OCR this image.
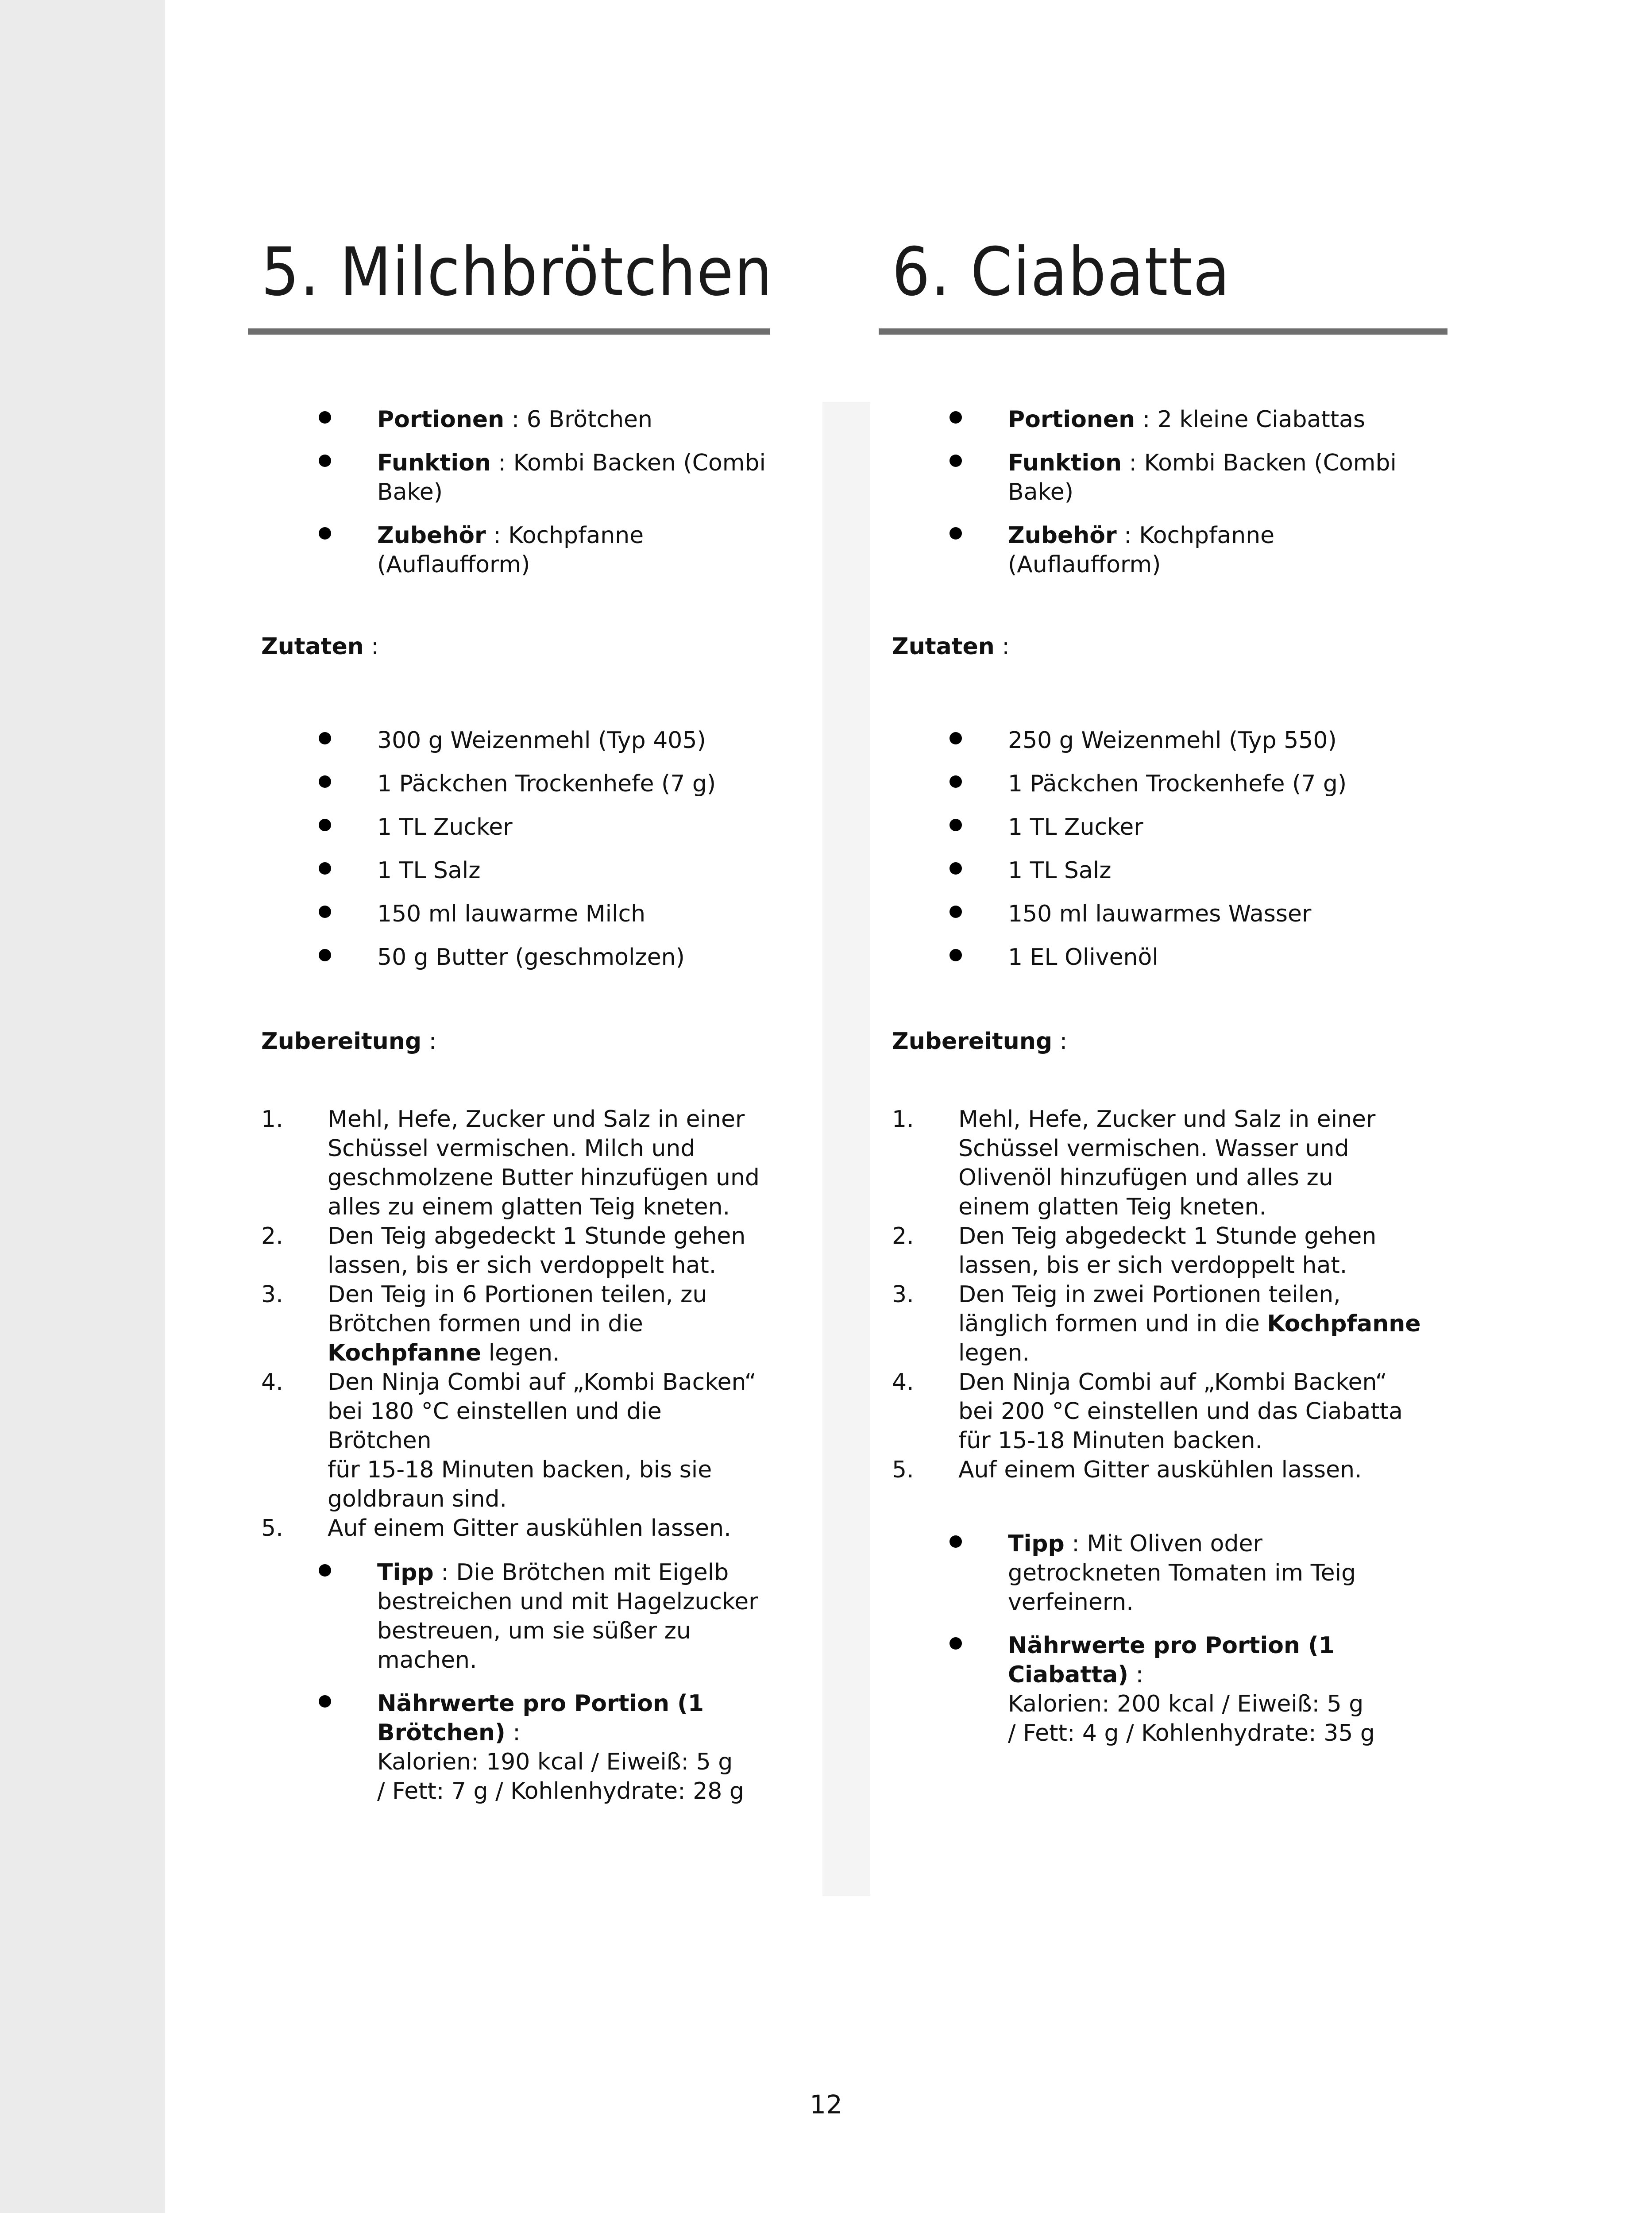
5. Milchbrötchen
Portionen : 6 Brötchen
Funktion : Kombi Backen (Combi
Bake)
Zubehör : Kochpfanne
(Auflaufform)
Zutaten :
300 g Weizenmehl (Typ 405)
1 Päckchen Trockenhefe (7 g)
1 TL Zucker
1 TL Salz
150 ml lauwarme Milch
50 g Butter (geschmolzen)
Zubereitung :
1. Mehl, Hefe, Zucker und Salz in einer
Schüssel vermischen. Milch und
geschmolzene Butter hinzufügen und
alles zu einem glatten Teig kneten.
2. Den Teig abgedeckt 1 Stunde gehen
lassen, bis er sich verdoppelt hat.
3. Den Teig in 6 Portionen teilen, zu
Brötchen formen und in die
Kochpfanne legen.
4. Den Ninja Combi auf „Kombi Backen“
bei 180 °C einstellen und die Brötchen
für 15-18 Minuten backen, bis sie
goldbraun sind.
5. Auf einem Gitter auskühlen lassen.
Tipp : Die Brötchen mit Eigelb
bestreichen und mit Hagelzucker
bestreuen, um sie süßer zu
machen.
Nährwerte pro Portion (1
Brötchen) :
Kalorien: 190 kcal / Eiweiß: 5 g
/ Fett: 7 g / Kohlenhydrate: 28 g
6. Ciabatta
Portionen : 2 kleine Ciabattas
Funktion : Kombi Backen (Combi
Bake)
Zubehör : Kochpfanne
(Auflaufform)
Zutaten :
250 g Weizenmehl (Typ 550)
1 Päckchen Trockenhefe (7 g)
1 TL Zucker
1 TL Salz
150 ml lauwarmes Wasser
1 EL Olivenöl
Zubereitung :
1. Mehl, Hefe, Zucker und Salz in einer
Schüssel vermischen. Wasser und
Olivenöl hinzufügen und alles zu
einem glatten Teig kneten.
2. Den Teig abgedeckt 1 Stunde gehen
lassen, bis er sich verdoppelt hat.
3. Den Teig in zwei Portionen teilen,
länglich formen und in die Kochpfanne
legen.
4. Den Ninja Combi auf „Kombi Backen“
bei 200 °C einstellen und das Ciabatta
für 15-18 Minuten backen.
5. Auf einem Gitter auskühlen lassen.
Tipp : Mit Oliven oder
getrockneten Tomaten im Teig
verfeinern.
Nährwerte pro Portion (1
Ciabatta) :
Kalorien: 200 kcal / Eiweiß: 5 g
/ Fett: 4 g / Kohlenhydrate: 35 g
12
